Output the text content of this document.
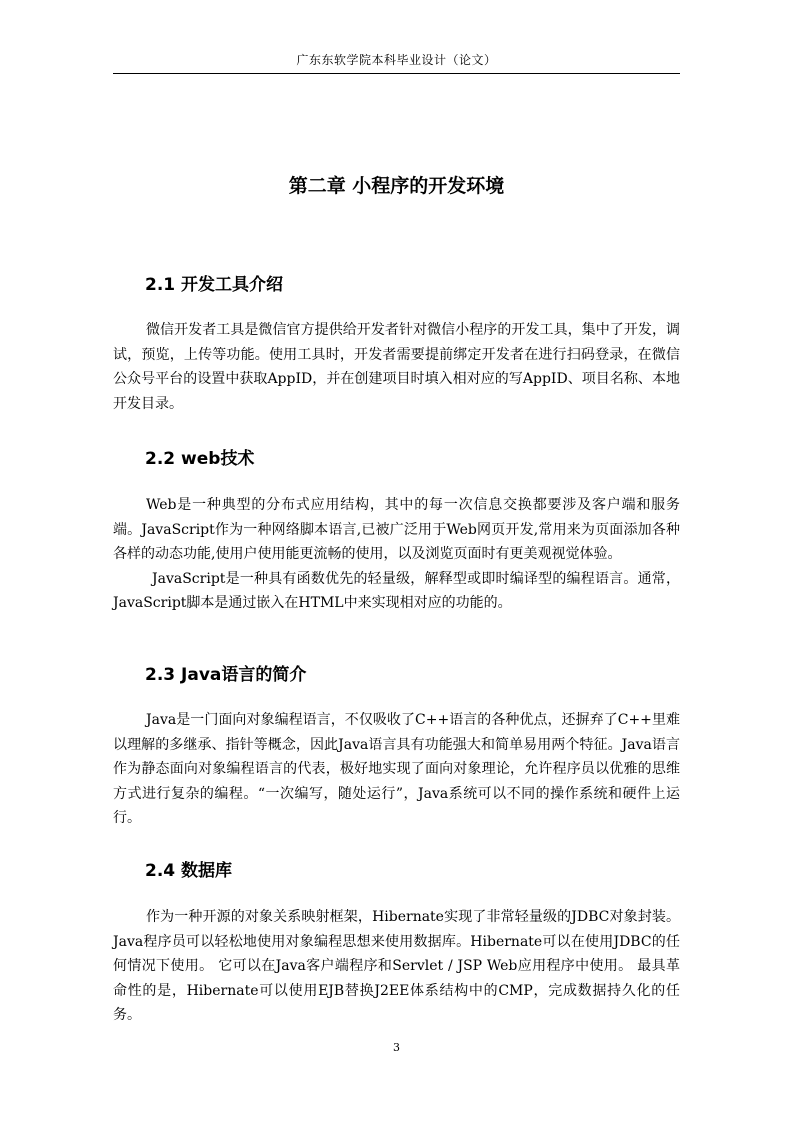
广东东软学院本科毕业设计（论文）
第二章 小程序的开发环境
2.1 开发工具介绍

微信开发者工具是微信官方提供给开发者针对微信小程序的开发工具，集中了开发，调试，预览，上传等功能。使用工具时，开发者需要提前绑定开发者在进行扫码登录，在微信公众号平台的设置中获取AppID，并在创建项目时填入相对应的写AppID、项目名称、本地开发目录。

2.2 web技术

Web是一种典型的分布式应用结构，其中的每一次信息交换都要涉及客户端和服务端。JavaScript作为一种网络脚本语言,已被广泛用于Web网页开发,常用来为页面添加各种各样的动态功能,使用户使用能更流畅的使用，以及浏览页面时有更美观视觉体验。

JavaScript是一种具有函数优先的轻量级，解释型或即时编译型的编程语言。通常，JavaScript脚本是通过嵌入在HTML中来实现相对应的功能的。

2.3 Java语言的简介

Java是一门面向对象编程语言，不仅吸收了C++语言的各种优点，还摒弃了C++里难以理解的多继承、指针等概念，因此Java语言具有功能强大和简单易用两个特征。Java语言作为静态面向对象编程语言的代表，极好地实现了面向对象理论，允许程序员以优雅的思维方式进行复杂的编程。“一次编写，随处运行”，Java系统可以不同的操作系统和硬件上运行。

2.4 数据库

作为一种开源的对象关系映射框架，Hibernate实现了非常轻量级的JDBC对象封装。Java程序员可以轻松地使用对象编程思想来使用数据库。Hibernate可以在使用JDBC的任何情况下使用。 它可以在Java客户端程序和Servlet / JSP Web应用程序中使用。 最具革命性的是，Hibernate可以使用EJB替换J2EE体系结构中的CMP，完成数据持久化的任务。

3
